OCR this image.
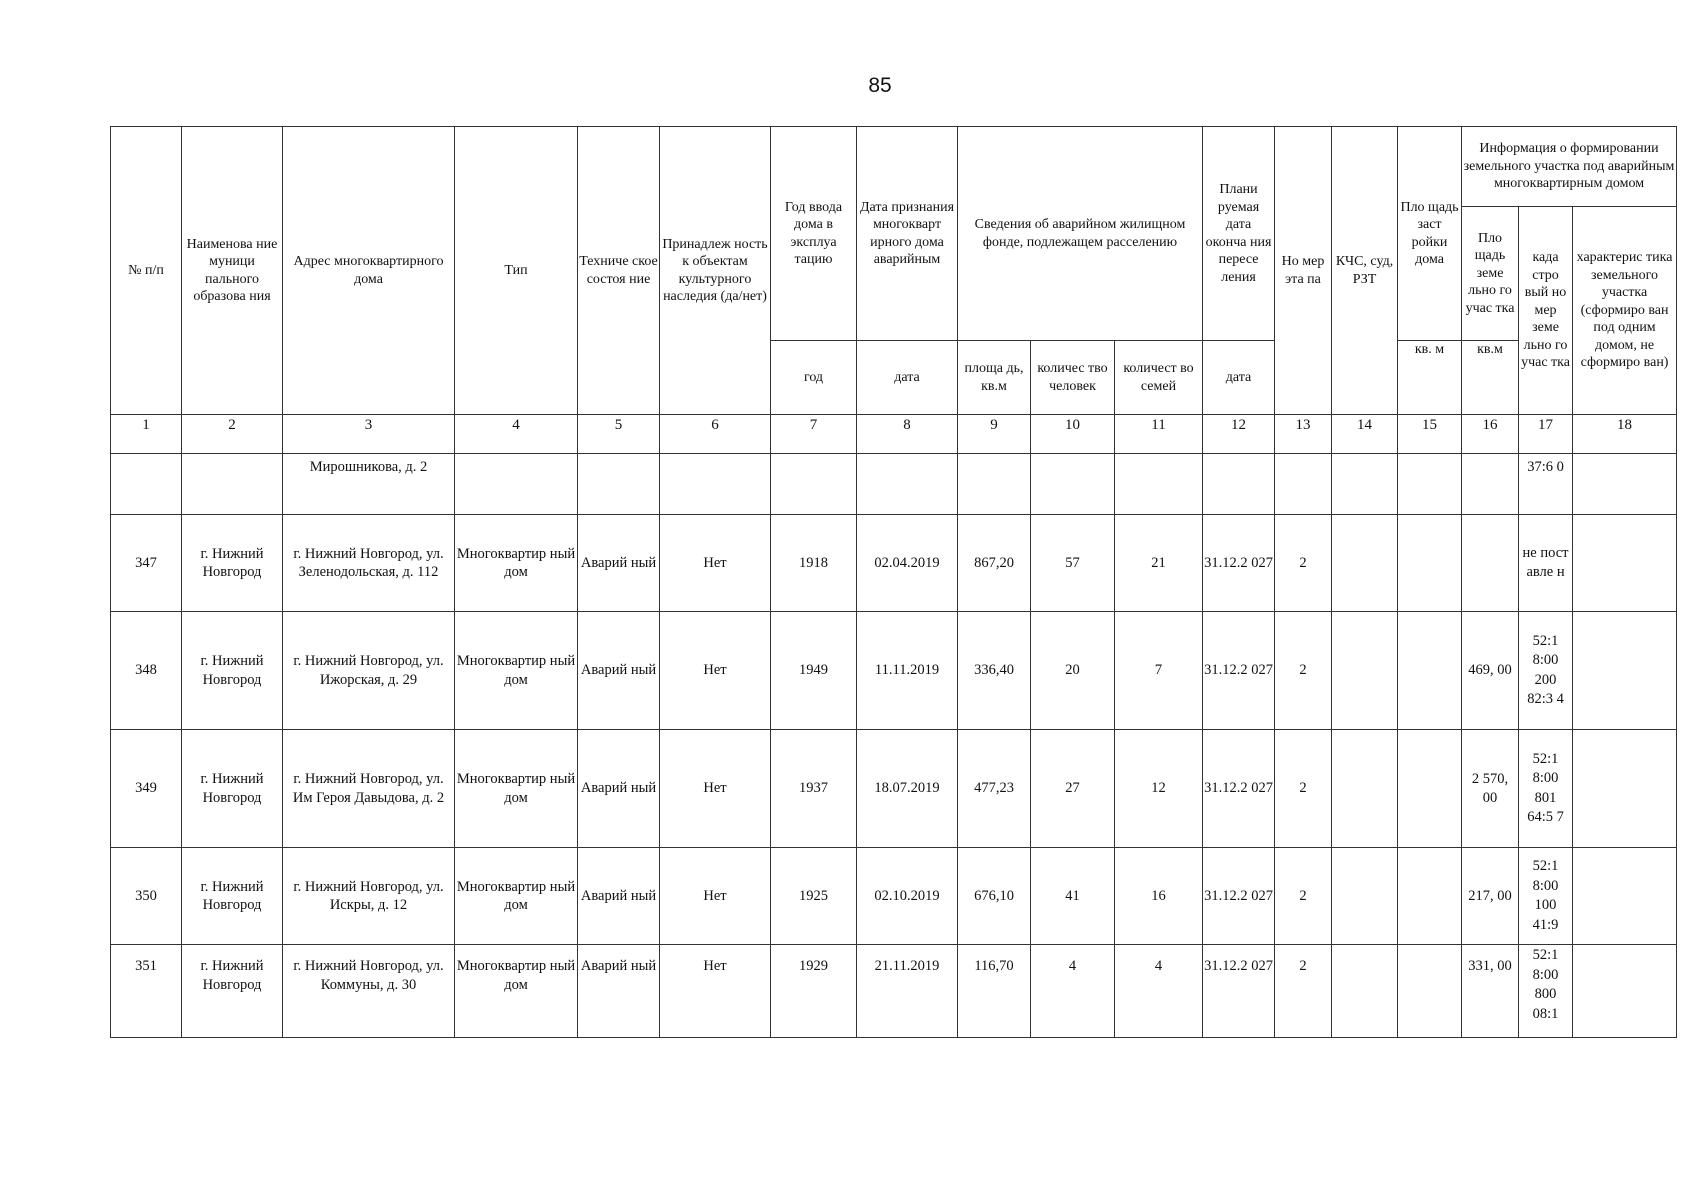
85
№ п/п	Наименова ние муници пального образова ния	Адрес многоквартирного дома	Тип	Техниче ское состоя ние	Принадлеж ность к объектам культурного наследия (да/нет)	Год ввода дома в эксплуа тацию	Дата признания многокварт ирного дома аварийным	Сведения об аварийном жилищном фонде, подлежащем расселению			Плани руемая дата оконча ния пересе ления	Но мер эта па	КЧС, суд, РЗТ	Пло щадь заст ройки дома	Информация о формировании земельного участка под аварийным многоквартирным домом		
															Пло щадь земе льно го учас тка	када стро вый но мер земе льно го учас тка	характерис тика земельного участка (сформиро ван под одним домом, не сформиро ван)
						год	дата	площа дь, кв.м	количес тво человек	количест во семей	дата			кв. м	кв.м		
1	2	3	4	5	6	7	8	9	10	11	12	13	14	15	16	17	18
		Мирошникова, д. 2														37:6 0	
347	г. Нижний Новгород	г. Нижний Новгород, ул. Зеленодольская, д. 112	Многоквартир ный дом	Аварий ный	Нет	1918	02.04.2019	867,20	57	21	31.12.2 027	2				не пост авле н	
348	г. Нижний Новгород	г. Нижний Новгород, ул. Ижорская, д. 29	Многоквартир ный дом	Аварий ный	Нет	1949	11.11.2019	336,40	20	7	31.12.2 027	2			469, 00	52:1 8:00 200 82:3 4	
349	г. Нижний Новгород	г. Нижний Новгород, ул. Им Героя Давыдова, д. 2	Многоквартир ный дом	Аварий ный	Нет	1937	18.07.2019	477,23	27	12	31.12.2 027	2			2 570, 00	52:1 8:00 801 64:5 7	
350	г. Нижний Новгород	г. Нижний Новгород, ул. Искры, д. 12	Многоквартир ный дом	Аварий ный	Нет	1925	02.10.2019	676,10	41	16	31.12.2 027	2			217, 00	52:1 8:00 100 41:9	
351	г. Нижний Новгород	г. Нижний Новгород, ул. Коммуны, д. 30	Многоквартир ный дом	Аварий ный	Нет	1929	21.11.2019	116,70	4	4	31.12.2 027	2			331, 00	52:1 8:00 800 08:1	
